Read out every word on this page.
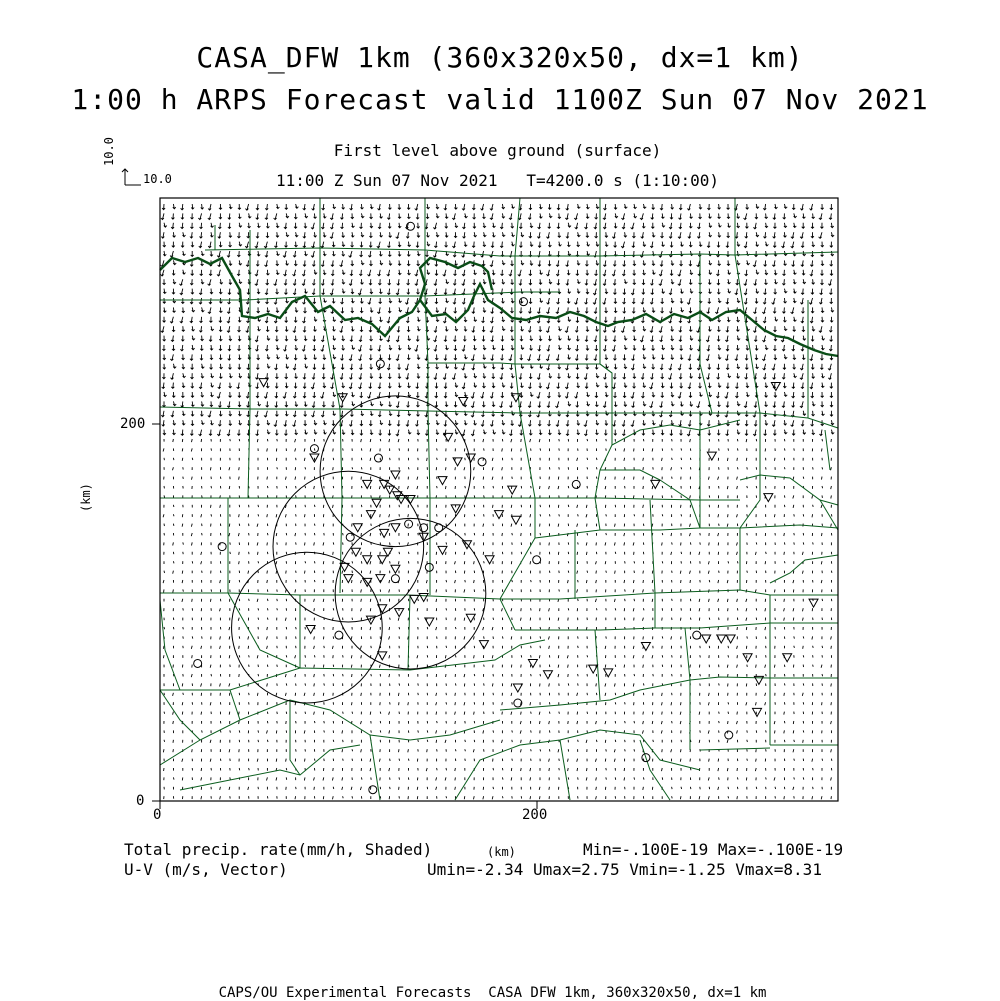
CASA_DFW 1km (360x320x50, dx=1 km)
1:00 h ARPS Forecast valid 1100Z Sun 07 Nov 2021
First level above ground (surface)
11:00 Z Sun 07 Nov 2021   T=4200.0 s (1:10:00)
10.0
10.0
(km)
0
200
0	200
(km)
Total precip. rate(mm/h, Shaded)
U-V (m/s, Vector)
Min=-.100E-19 Max=-.100E-19
Umin=-2.34 Umax=2.75 Vmin=-1.25 Vmax=8.31
CAPS/OU Experimental Forecasts  CASA DFW 1km, 360x320x50, dx=1 km
